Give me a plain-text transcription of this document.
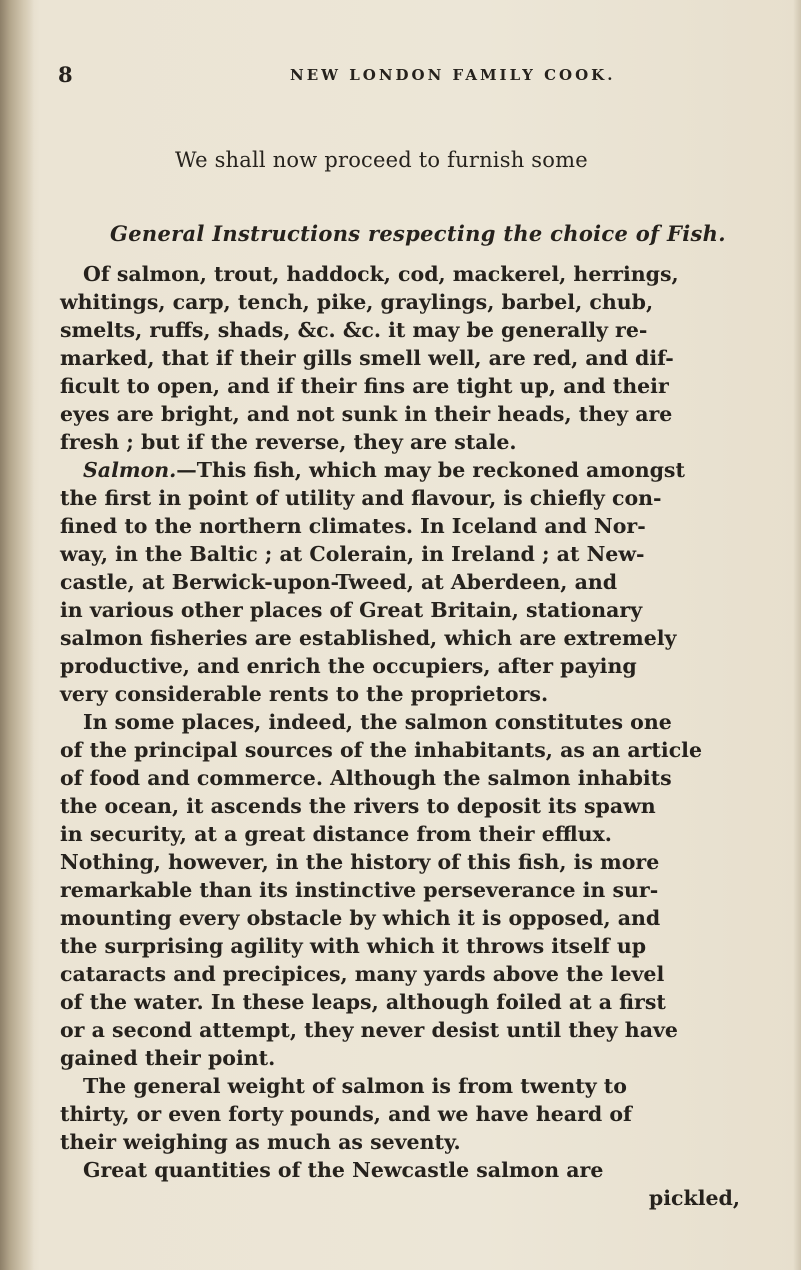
8	NEW LONDON FAMILY COOK.
We shall now proceed to furnish some
General Instructions respecting the choice of Fish.
Of salmon, trout, haddock, cod, mackerel, herrings,
whitings, carp, tench, pike, graylings, barbel, chub,
smelts, ruffs, shads, &c. &c. it may be generally re-
marked, that if their gills smell well, are red, and dif-
ficult to open, and if their fins are tight up, and their
eyes are bright, and not sunk in their heads, they are
fresh ; but if the reverse, they are stale.
Salmon.—This fish, which may be reckoned amongst
the first in point of utility and flavour, is chiefly con-
fined to the northern climates. In Iceland and Nor-
way, in the Baltic ; at Colerain, in Ireland ; at New-
castle, at Berwick-upon-Tweed, at Aberdeen, and
in various other places of Great Britain, stationary
salmon fisheries are established, which are extremely
productive, and enrich the occupiers, after paying
very considerable rents to the proprietors.
In some places, indeed, the salmon constitutes one
of the principal sources of the inhabitants, as an article
of food and commerce. Although the salmon inhabits
the ocean, it ascends the rivers to deposit its spawn
in security, at a great distance from their efflux.
Nothing, however, in the history of this fish, is more
remarkable than its instinctive perseverance in sur-
mounting every obstacle by which it is opposed, and
the surprising agility with which it throws itself up
cataracts and precipices, many yards above the level
of the water. In these leaps, although foiled at a first
or a second attempt, they never desist until they have
gained their point.
The general weight of salmon is from twenty to
thirty, or even forty pounds, and we have heard of
their weighing as much as seventy.
Great quantities of the Newcastle salmon are
pickled,
